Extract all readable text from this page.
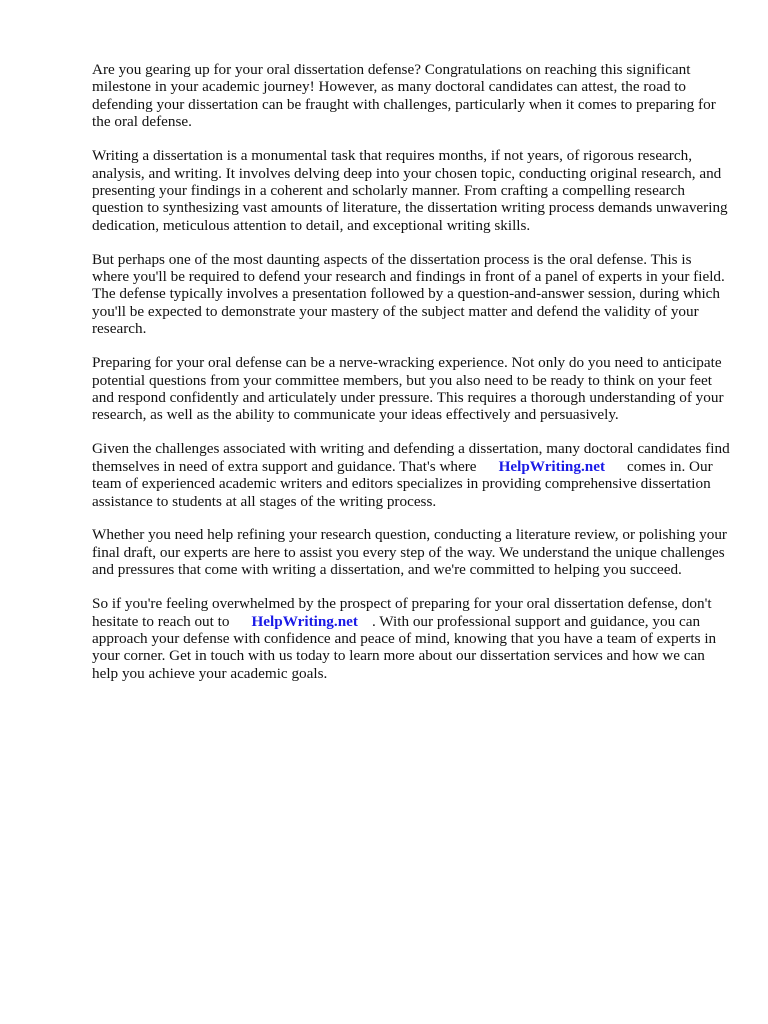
Are you gearing up for your oral dissertation defense? Congratulations on reaching this significant milestone in your academic journey! However, as many doctoral candidates can attest, the road to defending your dissertation can be fraught with challenges, particularly when it comes to preparing for the oral defense.

Writing a dissertation is a monumental task that requires months, if not years, of rigorous research, analysis, and writing. It involves delving deep into your chosen topic, conducting original research, and presenting your findings in a coherent and scholarly manner. From crafting a compelling research question to synthesizing vast amounts of literature, the dissertation writing process demands unwavering dedication, meticulous attention to detail, and exceptional writing skills.

But perhaps one of the most daunting aspects of the dissertation process is the oral defense. This is where you'll be required to defend your research and findings in front of a panel of experts in your field. The defense typically involves a presentation followed by a question-and-answer session, during which you'll be expected to demonstrate your mastery of the subject matter and defend the validity of your research.

Preparing for your oral defense can be a nerve-wracking experience. Not only do you need to anticipate potential questions from your committee members, but you also need to be ready to think on your feet and respond confidently and articulately under pressure. This requires a thorough understanding of your research, as well as the ability to communicate your ideas effectively and persuasively.

Given the challenges associated with writing and defending a dissertation, many doctoral candidates find themselves in need of extra support and guidance. That's where HelpWriting.net comes in. Our team of experienced academic writers and editors specializes in providing comprehensive dissertation assistance to students at all stages of the writing process.

Whether you need help refining your research question, conducting a literature review, or polishing your final draft, our experts are here to assist you every step of the way. We understand the unique challenges and pressures that come with writing a dissertation, and we're committed to helping you succeed.

So if you're feeling overwhelmed by the prospect of preparing for your oral dissertation defense, don't hesitate to reach out to HelpWriting.net . With our professional support and guidance, you can approach your defense with confidence and peace of mind, knowing that you have a team of experts in your corner. Get in touch with us today to learn more about our dissertation services and how we can help you achieve your academic goals.
